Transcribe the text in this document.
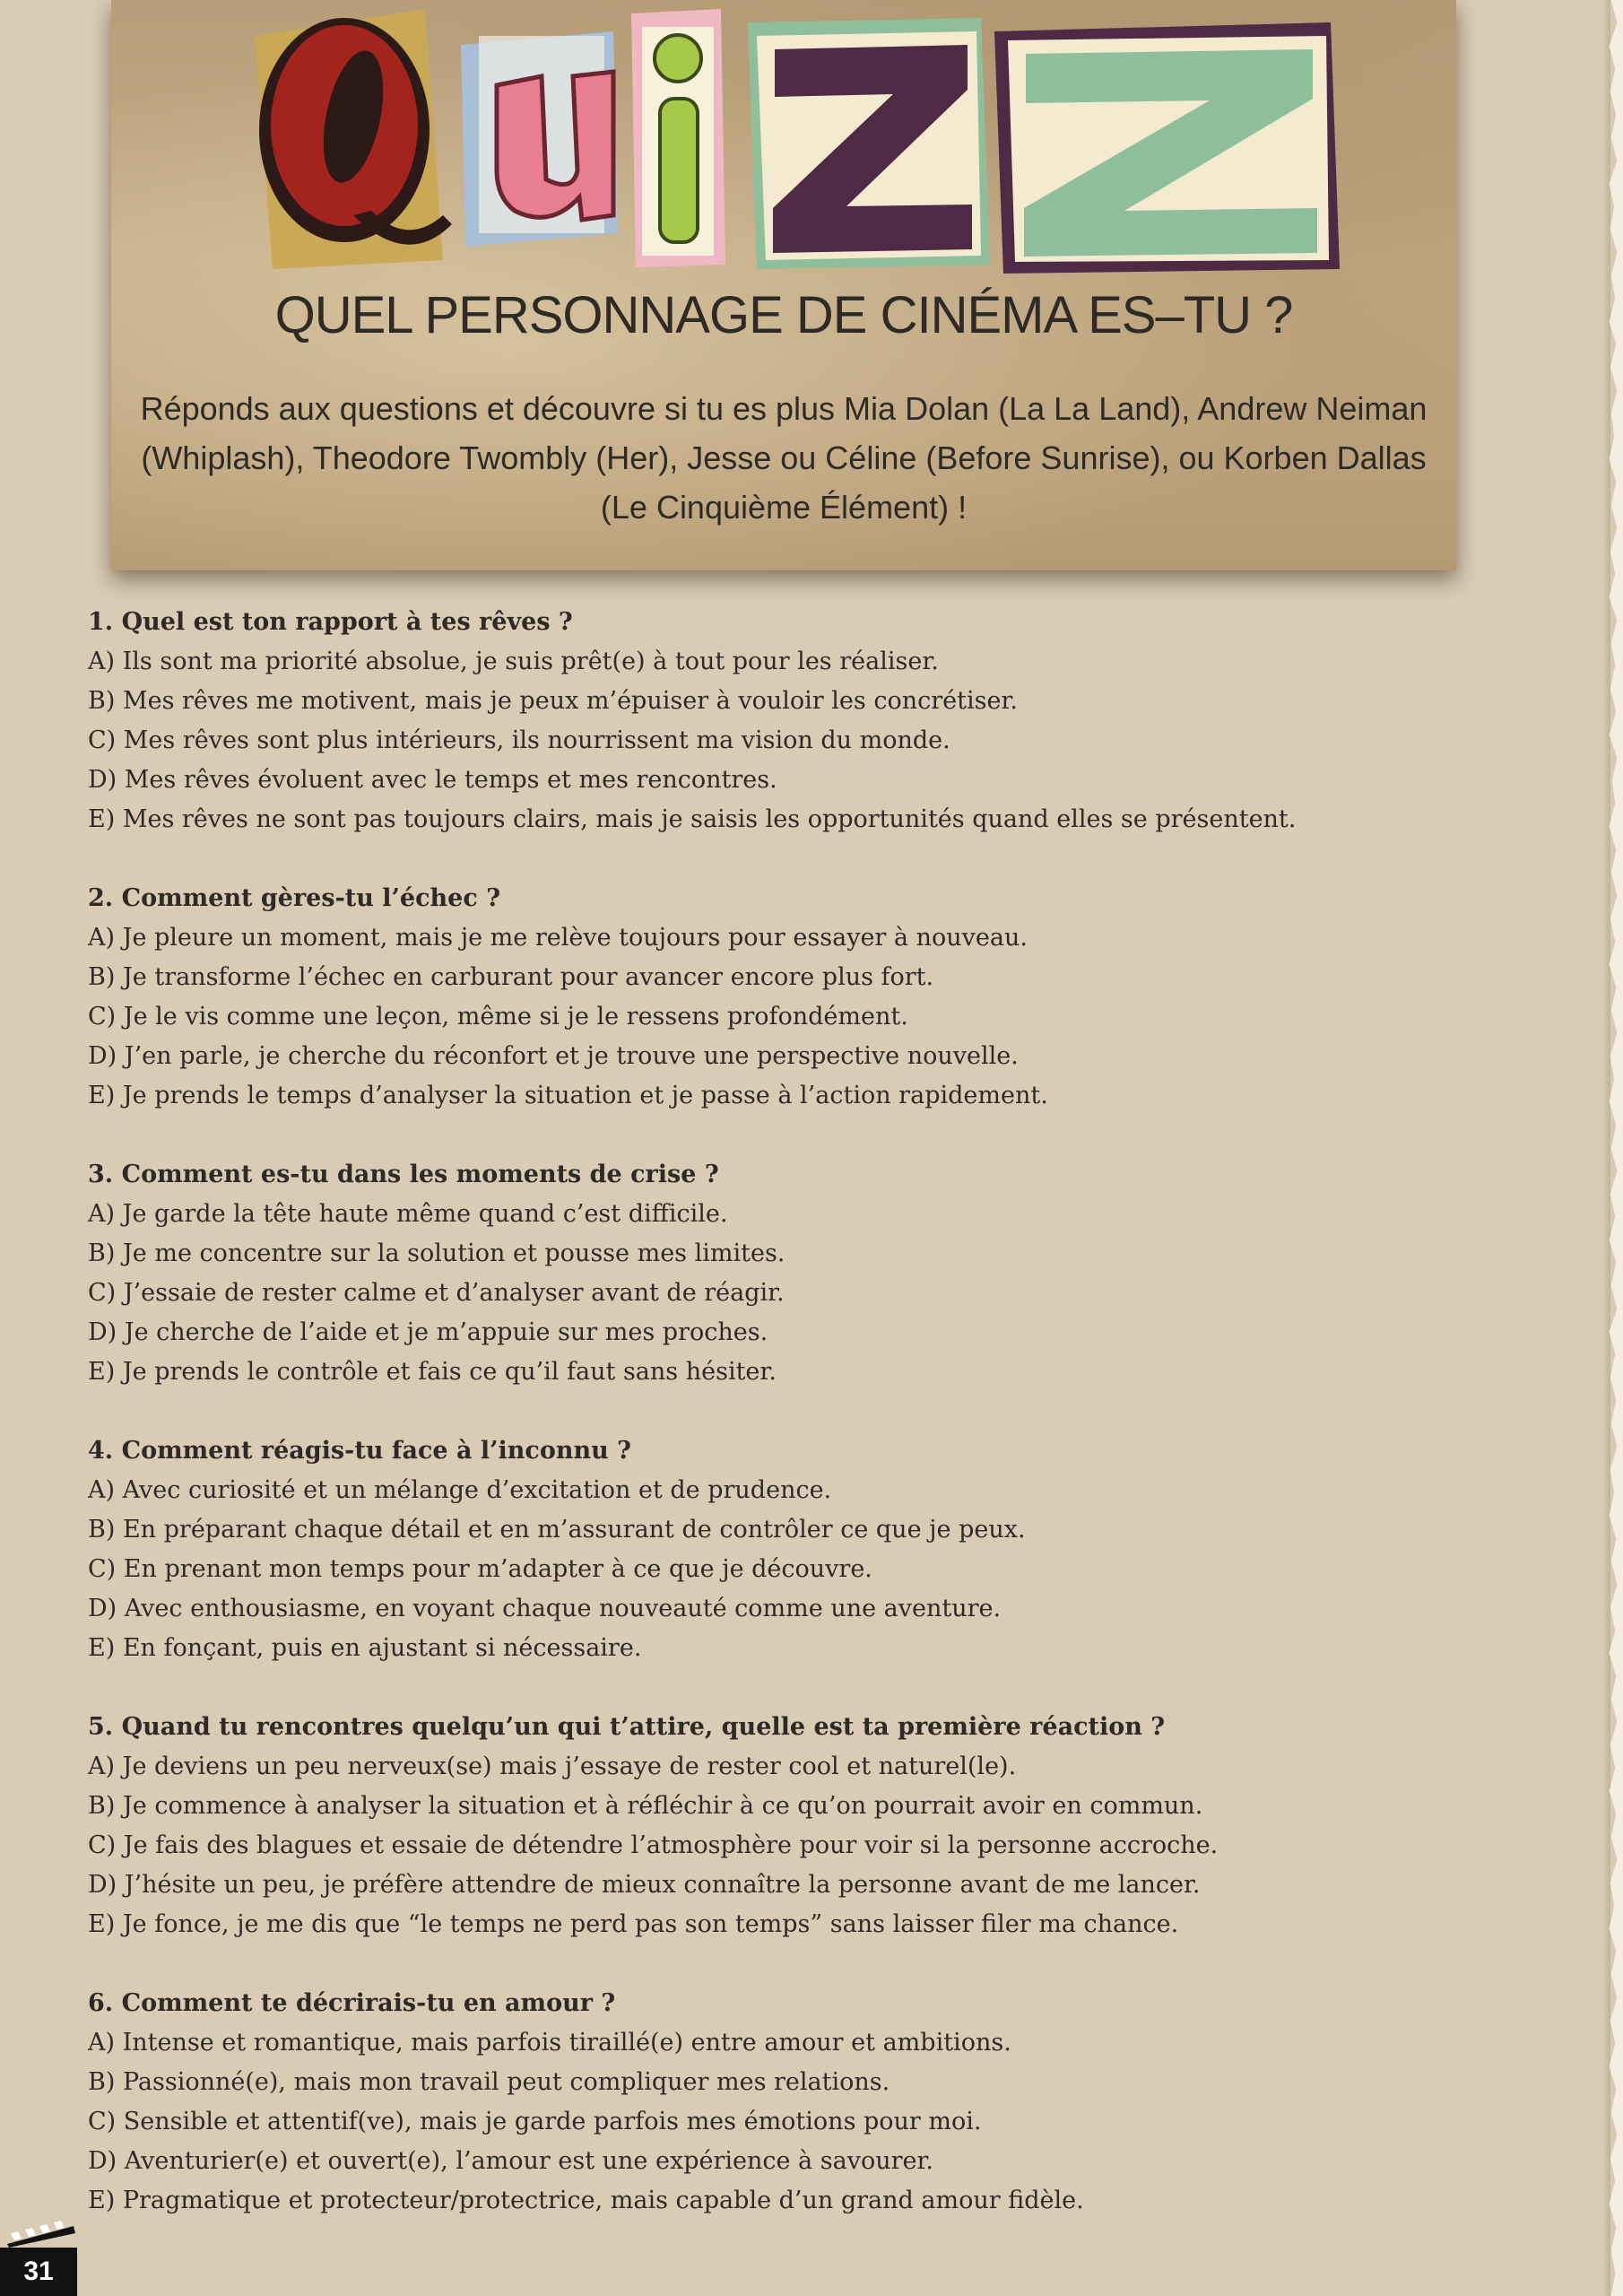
QUEL PERSONNAGE DE CINÉMA ES–TU ?
Réponds aux questions et découvre si tu es plus Mia Dolan (La La Land), Andrew Neiman (Whiplash), Theodore Twombly (Her), Jesse ou Céline (Before Sunrise), ou Korben Dallas (Le Cinquième Élément) !

1. Quel est ton rapport à tes rêves ?

A) Ils sont ma priorité absolue, je suis prêt(e) à tout pour les réaliser.

B) Mes rêves me motivent, mais je peux m’épuiser à vouloir les concrétiser.

C) Mes rêves sont plus intérieurs, ils nourrissent ma vision du monde.

D) Mes rêves évoluent avec le temps et mes rencontres.

E) Mes rêves ne sont pas toujours clairs, mais je saisis les opportunités quand elles se présentent.

2. Comment gères-tu l’échec ?

A) Je pleure un moment, mais je me relève toujours pour essayer à nouveau.

B) Je transforme l’échec en carburant pour avancer encore plus fort.

C) Je le vis comme une leçon, même si je le ressens profondément.

D) J’en parle, je cherche du réconfort et je trouve une perspective nouvelle.

E) Je prends le temps d’analyser la situation et je passe à l’action rapidement.

3. Comment es-tu dans les moments de crise ?

A) Je garde la tête haute même quand c’est difficile.

B) Je me concentre sur la solution et pousse mes limites.

C) J’essaie de rester calme et d’analyser avant de réagir.

D) Je cherche de l’aide et je m’appuie sur mes proches.

E) Je prends le contrôle et fais ce qu’il faut sans hésiter.

4. Comment réagis-tu face à l’inconnu ?

A) Avec curiosité et un mélange d’excitation et de prudence.

B) En préparant chaque détail et en m’assurant de contrôler ce que je peux.

C) En prenant mon temps pour m’adapter à ce que je découvre.

D) Avec enthousiasme, en voyant chaque nouveauté comme une aventure.

E) En fonçant, puis en ajustant si nécessaire.

5. Quand tu rencontres quelqu’un qui t’attire, quelle est ta première réaction ?

A) Je deviens un peu nerveux(se) mais j’essaye de rester cool et naturel(le).

B) Je commence à analyser la situation et à réfléchir à ce qu’on pourrait avoir en commun.

C) Je fais des blagues et essaie de détendre l’atmosphère pour voir si la personne accroche.

D) J’hésite un peu, je préfère attendre de mieux connaître la personne avant de me lancer.

E) Je fonce, je me dis que “le temps ne perd pas son temps” sans laisser filer ma chance.

6. Comment te décrirais-tu en amour ?

A) Intense et romantique, mais parfois tiraillé(e) entre amour et ambitions.

B) Passionné(e), mais mon travail peut compliquer mes relations.

C) Sensible et attentif(ve), mais je garde parfois mes émotions pour moi.

D) Aventurier(e) et ouvert(e), l’amour est une expérience à savourer.

E) Pragmatique et protecteur/protectrice, mais capable d’un grand amour fidèle.

31
